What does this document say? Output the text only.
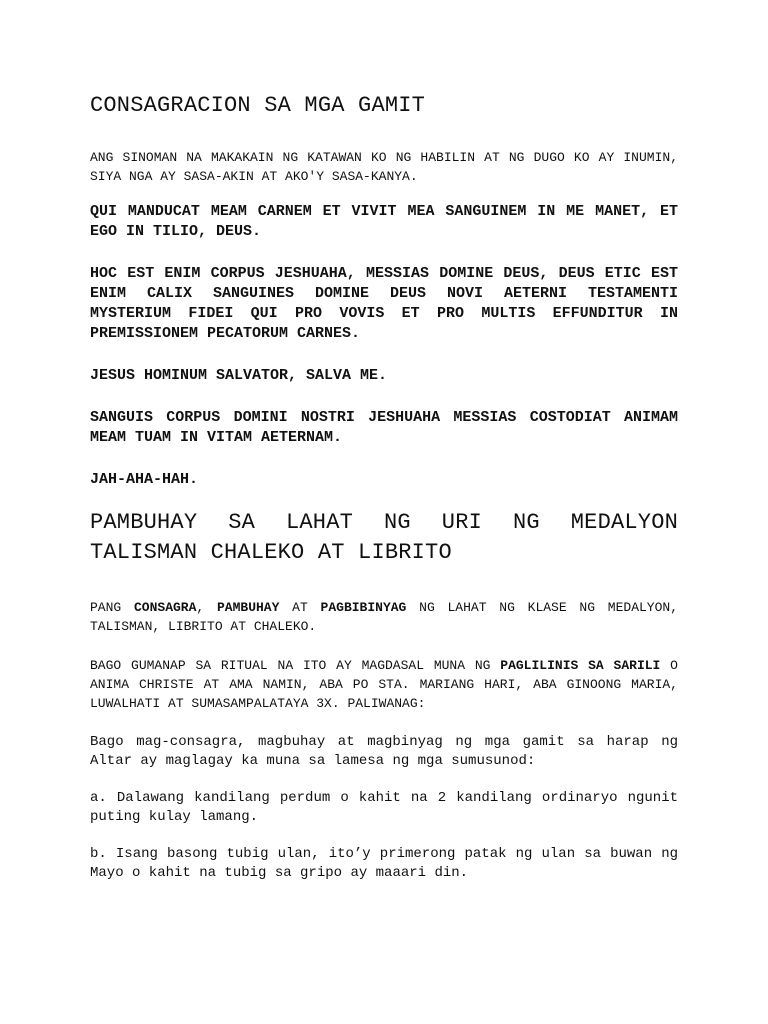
CONSAGRACION SA MGA GAMIT

ANG SINOMAN NA MAKAKAIN NG KATAWAN KO NG HABILIN AT NG DUGO KO AY INUMIN, SIYA NGA AY SASA-AKIN AT AKO'Y SASA-KANYA.

QUI MANDUCAT MEAM CARNEM ET VIVIT MEA SANGUINEM IN ME MANET, ET EGO IN TILIO, DEUS.

HOC EST ENIM CORPUS JESHUAHA, MESSIAS DOMINE DEUS, DEUS ETIC EST ENIM CALIX SANGUINES DOMINE DEUS NOVI AETERNI TESTAMENTI MYSTERIUM FIDEI QUI PRO VOVIS ET PRO MULTIS EFFUNDITUR IN PREMISSIONEM PECATORUM CARNES.

JESUS HOMINUM SALVATOR, SALVA ME.

SANGUIS CORPUS DOMINI NOSTRI JESHUAHA MESSIAS COSTODIAT ANIMAM MEAM TUAM IN VITAM AETERNAM.

JAH-AHA-HAH.

PAMBUHAY SA LAHAT NG URI NG MEDALYON TALISMAN CHALEKO AT LIBRITO

PANG CONSAGRA, PAMBUHAY AT PAGBIBINYAG NG LAHAT NG KLASE NG MEDALYON, TALISMAN, LIBRITO AT CHALEKO.

BAGO GUMANAP SA RITUAL NA ITO AY MAGDASAL MUNA NG PAGLILINIS SA SARILI O ANIMA CHRISTE AT AMA NAMIN, ABA PO STA. MARIANG HARI, ABA GINOONG MARIA, LUWALHATI AT SUMASAMPALATAYA 3X. PALIWANAG:

Bago mag-consagra, magbuhay at magbinyag ng mga gamit sa harap ng Altar ay maglagay ka muna sa lamesa ng mga sumusunod:

a. Dalawang kandilang perdum o kahit na 2 kandilang ordinaryo ngunit puting kulay lamang.

b. Isang basong tubig ulan, ito’y primerong patak ng ulan sa buwan ng Mayo o kahit na tubig sa gripo ay maaari din.
